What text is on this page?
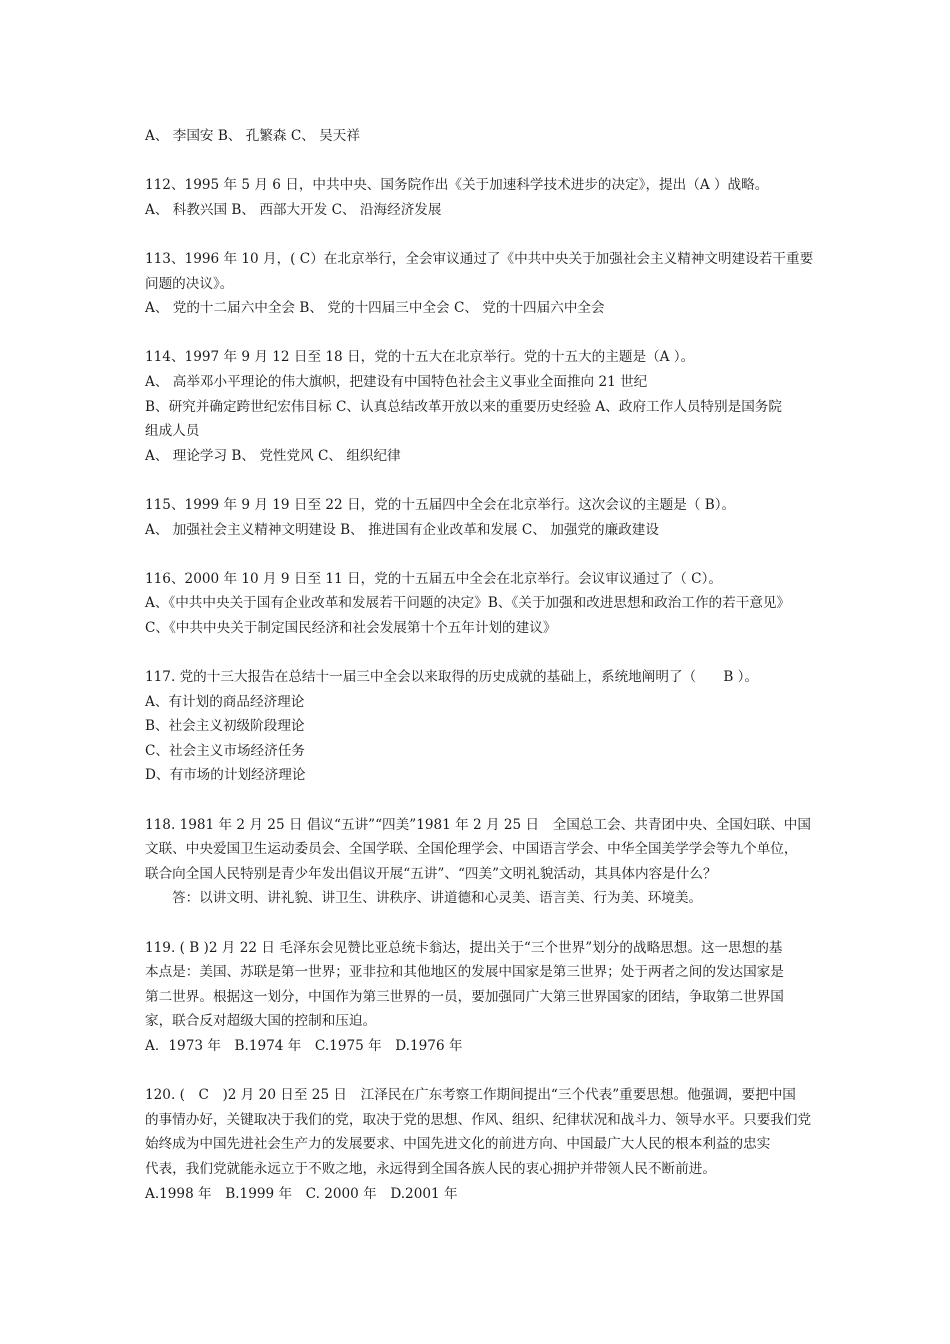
A、 李国安 B、 孔繁森 C、 吴天祥
112、1995 年 5 月 6 日，中共中央、国务院作出《关于加速科学技术进步的决定》，提出（A ）战略。
A、 科教兴国 B、 西部大开发 C、 沿海经济发展
113、1996 年 10 月，( C）在北京举行，全会审议通过了《中共中央关于加强社会主义精神文明建设若干重要
问题的决议》。
A、 党的十二届六中全会 B、 党的十四届三中全会 C、 党的十四届六中全会
114、1997 年 9 月 12 日至 18 日，党的十五大在北京举行。党的十五大的主题是（A ）。
A、 高举邓小平理论的伟大旗帜，把建设有中国特色社会主义事业全面推向 21 世纪
B、研究并确定跨世纪宏伟目标 C、认真总结改革开放以来的重要历史经验 A、政府工作人员特别是国务院
组成人员
A、 理论学习 B、 党性党风 C、 组织纪律
115、1999 年 9 月 19 日至 22 日，党的十五届四中全会在北京举行。这次会议的主题是（ B）。
A、 加强社会主义精神文明建设 B、 推进国有企业改革和发展 C、 加强党的廉政建设
116、2000 年 10 月 9 日至 11 日，党的十五届五中全会在北京举行。会议审议通过了（ C）。
A、《中共中央关于国有企业改革和发展若干问题的决定》B、《关于加强和改进思想和政治工作的若干意见》
C、《中共中央关于制定国民经济和社会发展第十个五年计划的建议》
117. 党的十三大报告在总结十一届三中全会以来取得的历史成就的基础上，系统地阐明了（　　B ）。
A、有计划的商品经济理论
B、社会主义初级阶段理论
C、社会主义市场经济任务
D、有市场的计划经济理论
118. 1981 年 2 月 25 日 倡议“五讲”“四美”1981 年 2 月 25 日　全国总工会、共青团中央、全国妇联、中国
文联、中央爱国卫生运动委员会、全国学联、全国伦理学会、中国语言学会、中华全国美学学会等九个单位，
联合向全国人民特别是青少年发出倡议开展“五讲”、“四美”文明礼貌活动，其具体内容是什么？
答：以讲文明、讲礼貌、讲卫生、讲秩序、讲道德和心灵美、语言美、行为美、环境美。
119. ( B )2 月 22 日 毛泽东会见赞比亚总统卡翁达，提出关于“三个世界”划分的战略思想。这一思想的基
本点是：美国、苏联是第一世界；亚非拉和其他地区的发展中国家是第三世界；处于两者之间的发达国家是
第二世界。根据这一划分，中国作为第三世界的一员，要加强同广大第三世界国家的团结，争取第二世界国
家，联合反对超级大国的控制和压迫。
A．1973 年　B.1974 年　C.1975 年　D.1976 年
120. (　C　)2 月 20 日至 25 日　江泽民在广东考察工作期间提出“三个代表”重要思想。他强调，要把中国
的事情办好，关键取决于我们的党，取决于党的思想、作风、组织、纪律状况和战斗力、领导水平。只要我们党
始终成为中国先进社会生产力的发展要求、中国先进文化的前进方向、中国最广大人民的根本利益的忠实
代表，我们党就能永远立于不败之地，永远得到全国各族人民的衷心拥护并带领人民不断前进。
A.1998 年　B.1999 年　C. 2000 年　D.2001 年
